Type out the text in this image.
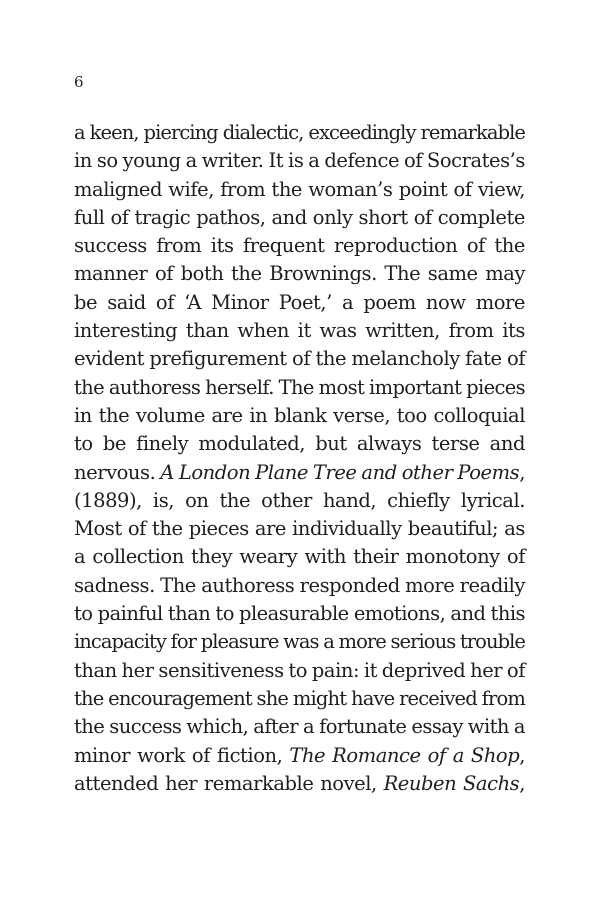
6
a keen, piercing dialectic, exceedingly remarkable
in so young a writer. It is a defence of Socrates’s
maligned wife, from the woman’s point of view,
full of tragic pathos, and only short of complete
success from its frequent reproduction of the
manner of both the Brownings. The same may
be said of ‘A Minor Poet,’ a poem now more
interesting than when it was written, from its
evident prefigurement of the melancholy fate of
the authoress herself. The most important pieces
in the volume are in blank verse, too colloquial
to be finely modulated, but always terse and
nervous. A London Plane Tree and other Poems,
(1889), is, on the other hand, chiefly lyrical.
Most of the pieces are individually beautiful; as
a collection they weary with their monotony of
sadness. The authoress responded more readily
to painful than to pleasurable emotions, and this
incapacity for pleasure was a more serious trouble
than her sensitiveness to pain: it deprived her of
the encouragement she might have received from
the success which, after a fortunate essay with a
minor work of fiction, The Romance of a Shop,
attended her remarkable novel, Reuben Sachs,
